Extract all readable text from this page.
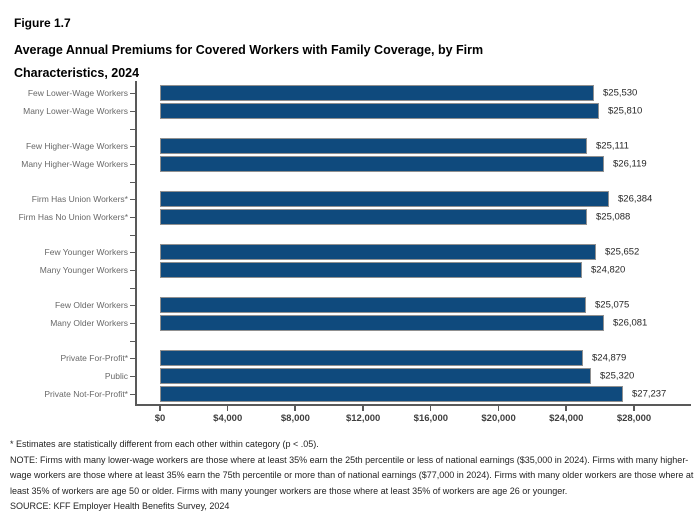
Figure 1.7
Average Annual Premiums for Covered Workers with Family Coverage, by Firm Characteristics, 2024
Few Lower-Wage Workers	$25,530
Many Lower-Wage Workers	$25,810
Few Higher-Wage Workers	$25,111
Many Higher-Wage Workers	$26,119
Firm Has Union Workers*	$26,384
Firm Has No Union Workers*	$25,088
Few Younger Workers	$25,652
Many Younger Workers	$24,820
Few Older Workers	$25,075
Many Older Workers	$26,081
Private For-Profit*	$24,879
Public	$25,320
Private Not-For-Profit*	$27,237
$0	$4,000	$8,000	$12,000	$16,000	$20,000	$24,000	$28,000
* Estimates are statistically different from each other within category (p < .05).
NOTE: Firms with many lower-wage workers are those where at least 35% earn the 25th percentile or less of national earnings ($35,000 in 2024). Firms with many higher-wage workers are those where at least 35% earn the 75th percentile or more than of national earnings ($77,000 in 2024). Firms with many older workers are those where at least 35% of workers are age 50 or older. Firms with many younger workers are those where at least 35% of workers are age 26 or younger.
SOURCE: KFF Employer Health Benefits Survey, 2024
